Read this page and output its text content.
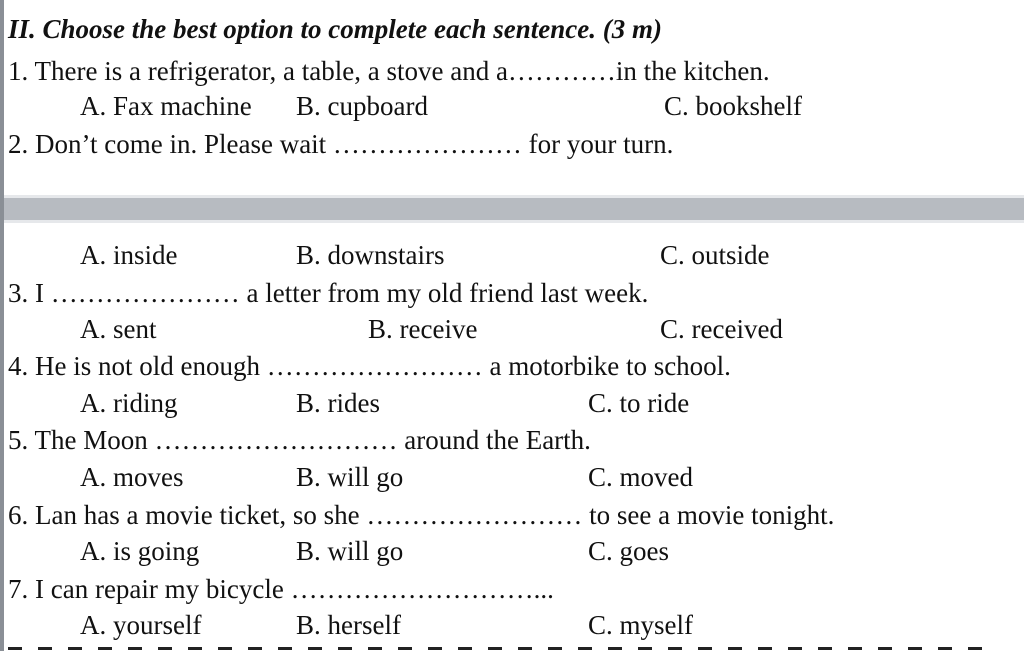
II. Choose the best option to complete each sentence. (3 m)
1. There is a refrigerator, a table, a stove and a…………in the kitchen.
A. Fax machine B. cupboard	C. bookshelf
2. Don’t come in. Please wait ………………… for your turn.
A. inside	B. downstairs	C. outside
3. I ………………… a letter from my old friend last week.
A. sent	B. receive	C. received
4. He is not old enough …………………… a motorbike to school.
A. riding	B. rides	C. to ride
5. The Moon ……………………… around the Earth.
A. moves	B. will go	C. moved
6. Lan has a movie ticket, so she …………………… to see a movie tonight.
A. is going	B. will go	C. goes
7. I can repair my bicycle ………………………...
A. yourself	B. herself	C. myself
